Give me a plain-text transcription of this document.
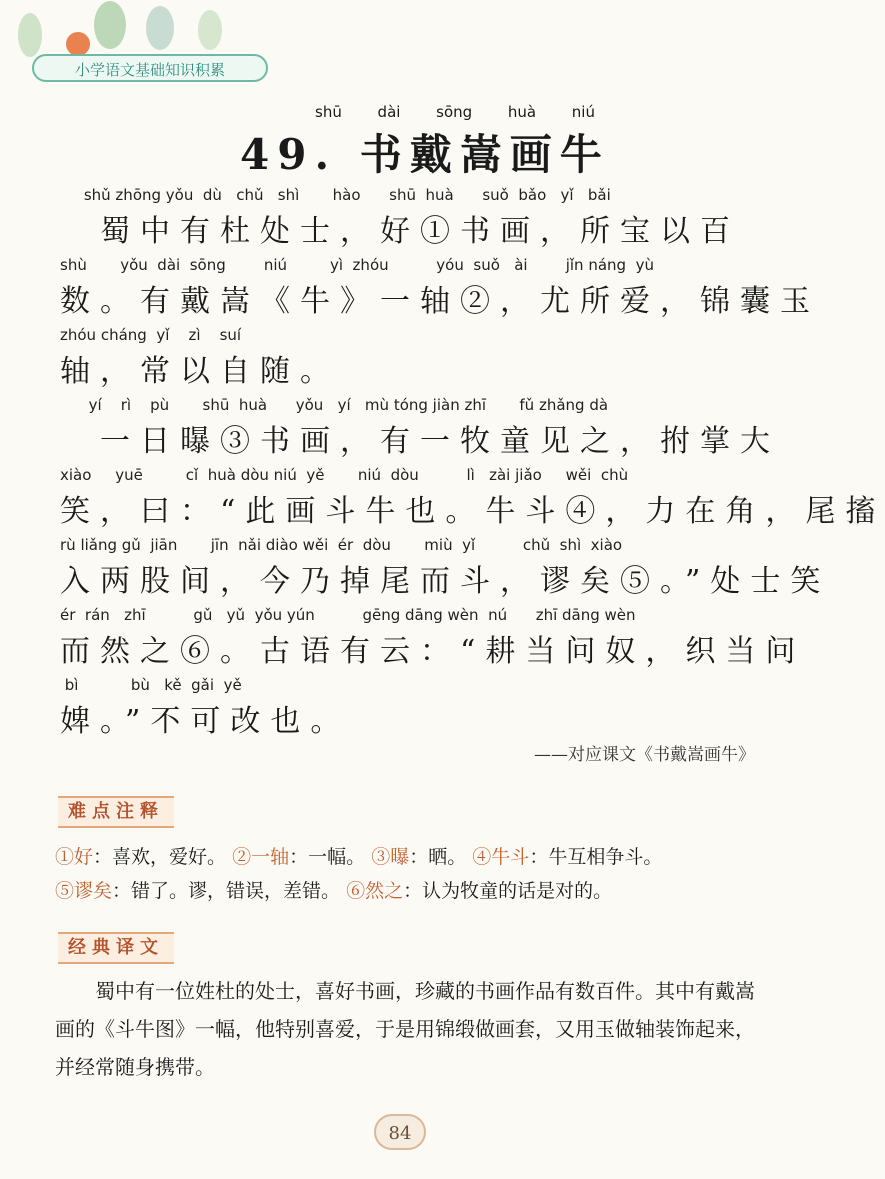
小学语文基础知识积累
shū dài sōng huà niú
49. 书戴嵩画牛
shǔ zhōng yǒu  dù   chǔ   shì       hào      shū  huà      suǒ  bǎo   yǐ   bǎi
　蜀中有杜处士，好①书画，所宝以百
shù       yǒu  dài  sōng        niú         yì  zhóu          yóu  suǒ   ài        jǐn náng  yù
数。有戴嵩《牛》一轴②，尤所爱，锦囊玉
zhóu cháng  yǐ    zì    suí
轴，常以自随。
yí    rì    pù       shū  huà      yǒu   yí   mù tóng jiàn zhī       fǔ zhǎng dà
　一日曝③书画，有一牧童见之，拊掌大
xiào     yuē         cǐ  huà dòu niú  yě       niú  dòu          lì   zài jiǎo     wěi  chù
笑，曰：“此画斗牛也。牛斗④，力在角，尾搐
rù liǎng gǔ  jiān       jīn  nǎi diào wěi  ér  dòu       miù  yǐ          chǔ  shì  xiào
入两股间，今乃掉尾而斗，谬矣⑤。”处士笑
ér  rán   zhī          gǔ   yǔ  yǒu yún          gēng dāng wèn  nú      zhī dāng wèn
而然之⑥。古语有云：“耕当问奴，织当问
bì           bù   kě  gǎi  yě
婢。”不可改也。
——对应课文《书戴嵩画牛》
难点注释
①好：喜欢，爱好。 ②一轴：一幅。 ③曝：晒。 ④牛斗：牛互相争斗。
⑤谬矣：错了。谬，错误，差错。 ⑥然之：认为牧童的话是对的。
经典译文
蜀中有一位姓杜的处士，喜好书画，珍藏的书画作品有数百件。其中有戴嵩画的《斗牛图》一幅，他特别喜爱，于是用锦缎做画套，又用玉做轴装饰起来，并经常随身携带。
84
